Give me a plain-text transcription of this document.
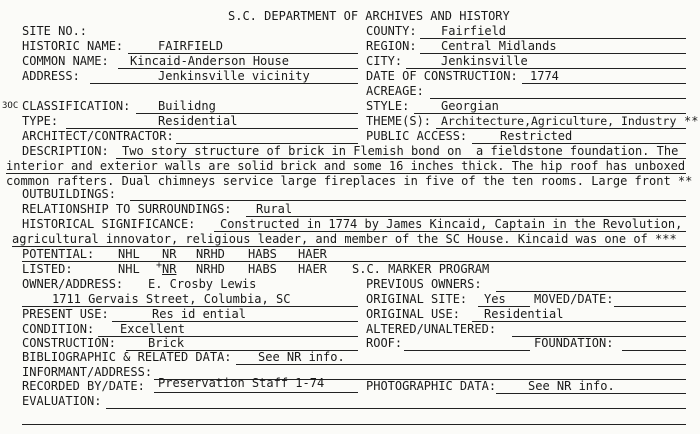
S.C. DEPARTMENT OF ARCHIVES AND HISTORY
SITE NO.:	COUNTY: Fairfield
HISTORIC NAME:	FAIRFIELD	REGION: Central Midlands
COMMON NAME: Kincaid-Anderson House	CITY:	Jenkinsville
ADDRESS:	Jenkinsville vicinity	DATE OF CONSTRUCTION: 1774
ACREAGE:
3OC CLASSIFICATION: Builidng	STYLE:	Georgian
TYPE:	Residential	THEME(S): Architecture,Agriculture, Industry **
ARCHITECT/CONTRACTOR:	PUBLIC ACCESS:	Restricted
DESCRIPTION: Two story structure of brick in Flemish bond on  a fieldstone foundation. The
interior and exterior walls are solid brick and some 16 inches thick. The hip roof has unboxed
common rafters. Dual chimneys service large fireplaces in five of the ten rooms. Large front **
OUTBUILDINGS:
RELATIONSHIP TO SURROUNDINGS: Rural
HISTORICAL SIGNIFICANCE: Constructed in 1774 by James Kincaid, Captain in the Revolution,
agricultural innovator, religious leader, and member of the SC House. Kincaid was one of ***
POTENTIAL: NHL NR NRHD HABS HAER
LISTED:	NHL + NR NRHD HABS HAER S.C. MARKER PROGRAM
OWNER/ADDRESS: E. Crosby Lewis	PREVIOUS OWNERS:
1711 Gervais Street, Columbia, SC	ORIGINAL SITE: Yes MOVED/DATE:
PRESENT USE:	Res id ential	ORIGINAL USE: Residential
CONDITION: Excellent	ALTERED/UNALTERED:
CONSTRUCTION:	Brick	ROOF:	FOUNDATION:
BIBLIOGRAPHIC & RELATED DATA: See NR info.
INFORMANT/ADDRESS:
RECORDED BY/DATE: Preservation Staff 1-74	PHOTOGRAPHIC DATA:	See NR info.
EVALUATION:
